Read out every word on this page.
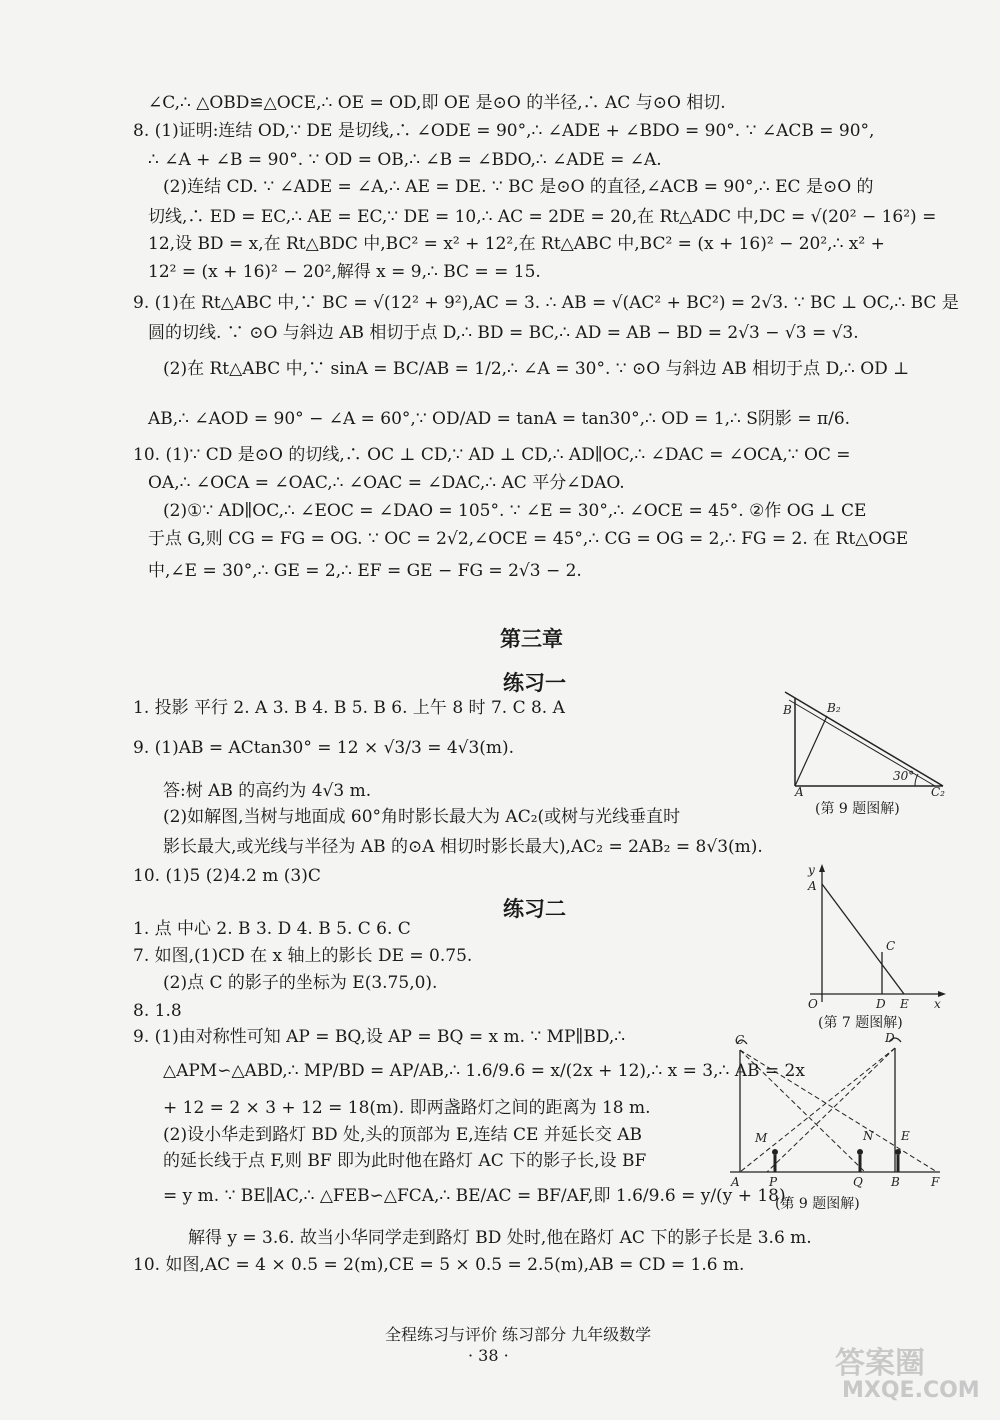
∠C,∴ △OBD≌△OCE,∴ OE = OD,即 OE 是⊙O 的半径,∴ AC 与⊙O 相切.
8. (1)证明:连结 OD,∵ DE 是切线,∴ ∠ODE = 90°,∴ ∠ADE + ∠BDO = 90°. ∵ ∠ACB = 90°,
∴ ∠A + ∠B = 90°. ∵ OD = OB,∴ ∠B = ∠BDO,∴ ∠ADE = ∠A.
(2)连结 CD. ∵ ∠ADE = ∠A,∴ AE = DE. ∵ BC 是⊙O 的直径,∠ACB = 90°,∴ EC 是⊙O 的
切线,∴ ED = EC,∴ AE = EC,∵ DE = 10,∴ AC = 2DE = 20,在 Rt△ADC 中,DC = √(20² − 16²) =
12,设 BD = x,在 Rt△BDC 中,BC² = x² + 12²,在 Rt△ABC 中,BC² = (x + 16)² − 20²,∴ x² +
12² = (x + 16)² − 20²,解得 x = 9,∴ BC = = 15.
9. (1)在 Rt△ABC 中,∵ BC = √(12² + 9²),AC = 3. ∴ AB = √(AC² + BC²) = 2√3. ∵ BC ⊥ OC,∴ BC 是
圆的切线. ∵ ⊙O 与斜边 AB 相切于点 D,∴ BD = BC,∴ AD = AB − BD = 2√3 − √3 = √3.
(2)在 Rt△ABC 中,∵ sinA = BC/AB = 1/2,∴ ∠A = 30°. ∵ ⊙O 与斜边 AB 相切于点 D,∴ OD ⊥
AB,∴ ∠AOD = 90° − ∠A = 60°,∵ OD/AD = tanA = tan30°,∴ OD = 1,∴ S阴影 = π/6.
10. (1)∵ CD 是⊙O 的切线,∴ OC ⊥ CD,∵ AD ⊥ CD,∴ AD∥OC,∴ ∠DAC = ∠OCA,∵ OC =
OA,∴ ∠OCA = ∠OAC,∴ ∠OAC = ∠DAC,∴ AC 平分∠DAO.
(2)①∵ AD∥OC,∴ ∠EOC = ∠DAO = 105°. ∵ ∠E = 30°,∴ ∠OCE = 45°. ②作 OG ⊥ CE
于点 G,则 CG = FG = OG. ∵ OC = 2√2,∠OCE = 45°,∴ CG = OG = 2,∴ FG = 2. 在 Rt△OGE
中,∠E = 30°,∴ GE = 2,∴ EF = GE − FG = 2√3 − 2.
第三章
练习一
1. 投影 平行 2. A 3. B 4. B 5. B 6. 上午 8 时 7. C 8. A
9. (1)AB = ACtan30° = 12 × √3/3 = 4√3(m).
答:树 AB 的高约为 4√3 m.
(2)如解图,当树与地面成 60°角时影长最大为 AC₂(或树与光线垂直时
影长最大,或光线与半径为 AB 的⊙A 相切时影长最大),AC₂ = 2AB₂ = 8√3(m).
10. (1)5 (2)4.2 m (3)C
练习二
1. 点 中心 2. B 3. D 4. B 5. C 6. C
7. 如图,(1)CD 在 x 轴上的影长 DE = 0.75.
(2)点 C 的影子的坐标为 E(3.75,0).
8. 1.8
9. (1)由对称性可知 AP = BQ,设 AP = BQ = x m. ∵ MP∥BD,∴
△APM∽△ABD,∴ MP/BD = AP/AB,∴ 1.6/9.6 = x/(2x + 12),∴ x = 3,∴ AB = 2x
+ 12 = 2 × 3 + 12 = 18(m). 即两盏路灯之间的距离为 18 m.
(2)设小华走到路灯 BD 处,头的顶部为 E,连结 CE 并延长交 AB
的延长线于点 F,则 BF 即为此时他在路灯 AC 下的影子长,设 BF
= y m. ∵ BE∥AC,∴ △FEB∽△FCA,∴ BE/AC = BF/AF,即 1.6/9.6 = y/(y + 18).
解得 y = 3.6. 故当小华同学走到路灯 BD 处时,他在路灯 AC 下的影子长是 3.6 m.
10. 如图,AC = 4 × 0.5 = 2(m),CE = 5 × 0.5 = 2.5(m),AB = CD = 1.6 m.
B	B₂
A
30°
C₂
(第 9 题图解)
y
A
C
O	D E x
(第 7 题图解)
C	D
M	N E
A P	Q B	F
(第 9 题图解)
全程练习与评价 练习部分 九年级数学
· 38 ·	答案圈
MXQE.COM
